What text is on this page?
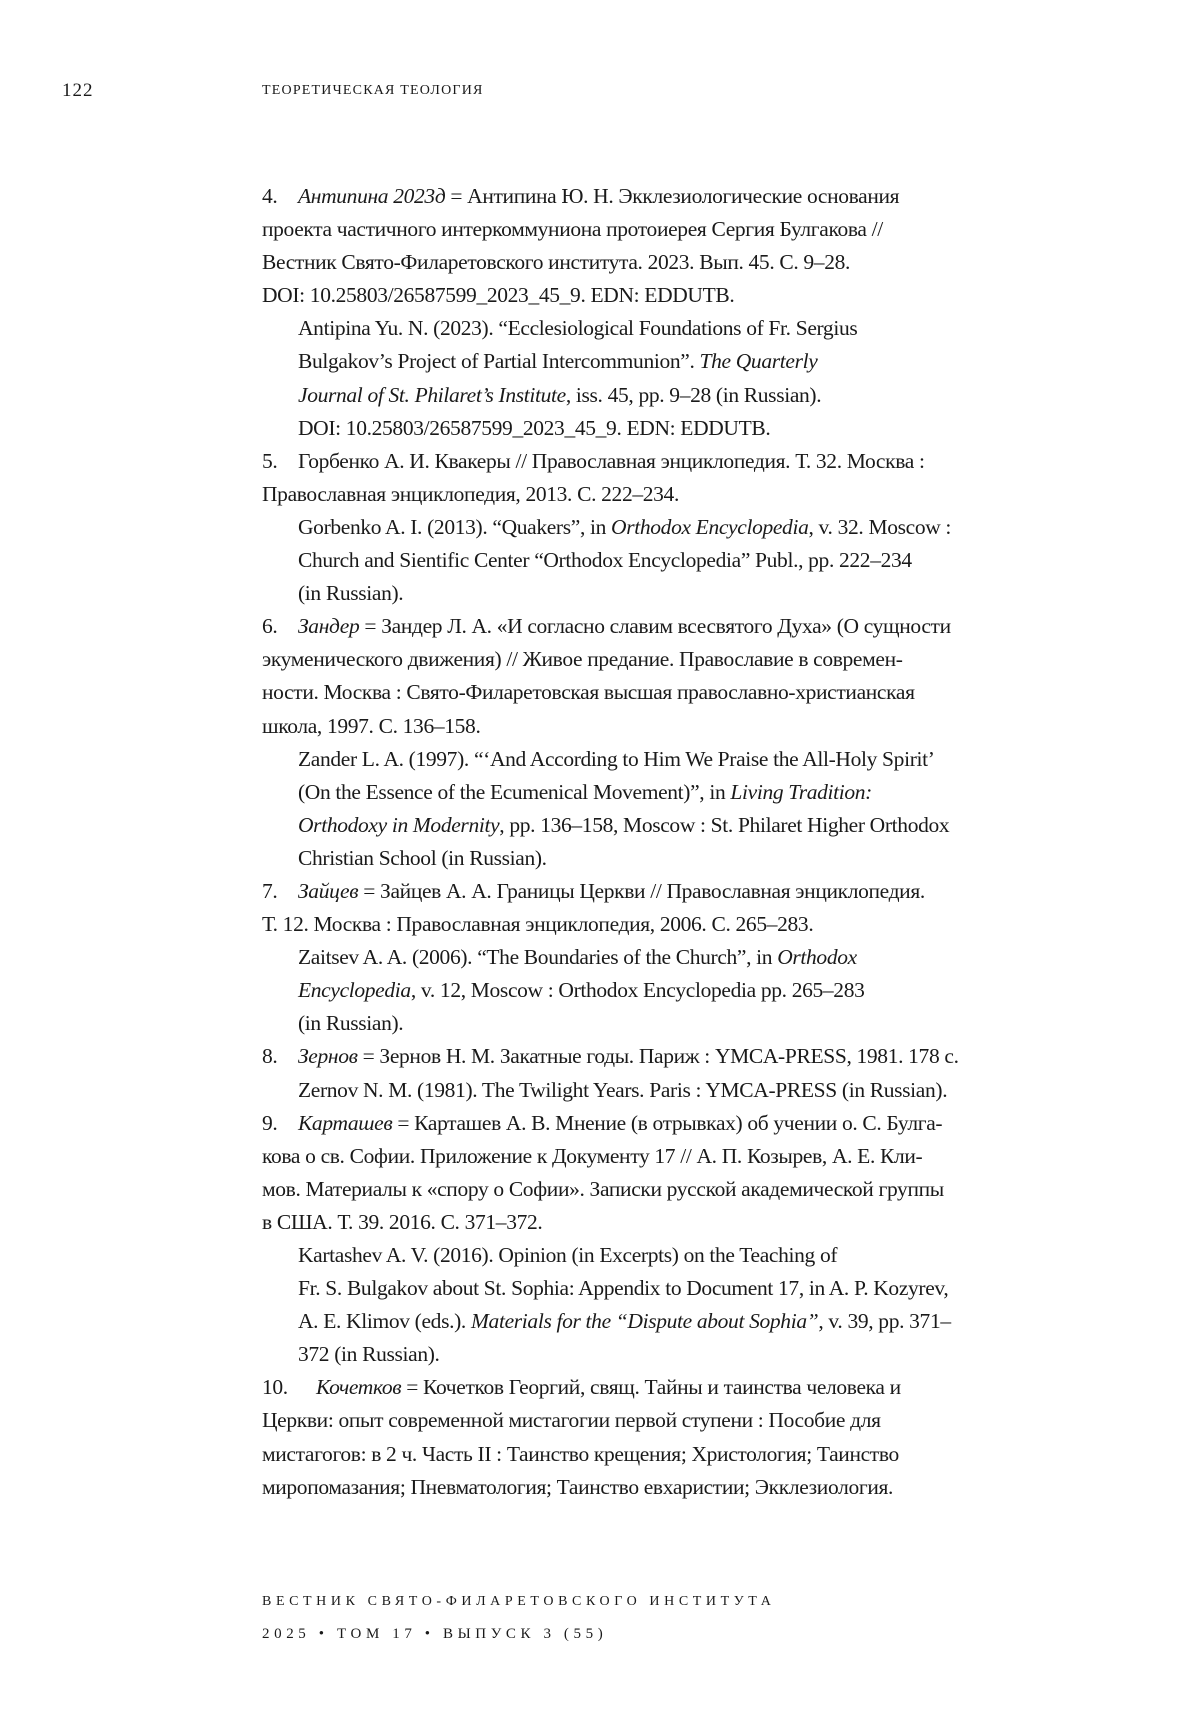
122	ТЕОРЕТИЧЕСКАЯ ТЕОЛОГИЯ
4. Антипина 2023д = Антипина Ю. Н. Экклезиологические основания
проекта частичного интеркоммуниона протоиерея Сергия Булгакова //
Вестник Свято-Филаретовского института. 2023. Вып. 45. С. 9–28.
DOI: 10.25803/26587599_2023_45_9. EDN: EDDUTB.
Antipina Yu. N. (2023). “Ecclesiological Foundations of Fr. Sergius
Bulgakov’s Project of Partial Intercommunion”. The Quarterly
Journal of St. Philaret’s Institute, iss. 45, pp. 9–28 (in Russian).
DOI: 10.25803/26587599_2023_45_9. EDN: EDDUTB.
5. Горбенко А. И. Квакеры // Православная энциклопедия. Т. 32. Москва :
Православная энциклопедия, 2013. С. 222–234.
Gorbenko A. I. (2013). “Quakers”, in Orthodox Encyclopedia, v. 32. Moscow :
Church and Sientific Center “Orthodox Encyclopedia” Publ., pp. 222–234
(in Russian).
6. Зандер = Зандер Л. А. «И согласно славим всесвятого Духа» (О сущности
экуменического движения) // Живое предание. Православие в современ-
ности. Москва : Свято-Филаретовская высшая православно-христианская
школа, 1997. С. 136–158.
Zander L. A. (1997). “‘And According to Him We Praise the All-Holy Spirit’
(On the Essence of the Ecumenical Movement)”, in Living Tradition:
Orthodoxy in Modernity, pp. 136–158, Moscow : St. Philaret Higher Orthodox
Christian School (in Russian).
7. Зайцев = Зайцев А. А. Границы Церкви // Православная энциклопедия.
Т. 12. Москва : Православная энциклопедия, 2006. С. 265–283.
Zaitsev A. A. (2006). “The Boundaries of the Church”, in Orthodox
Encyclopedia, v. 12, Moscow : Orthodox Encyclopedia pp. 265–283
(in Russian).
8. Зернов = Зернов Н. М. Закатные годы. Париж : YMCA-PRESS, 1981. 178 с.
Zernov N. M. (1981). The Twilight Years. Paris : YMCA-PRESS (in Russian).
9. Карташев = Карташев А. В. Мнение (в отрывках) об учении о. С. Булга-
кова о св. Софии. Приложение к Документу 17 // А. П. Козырев, А. Е. Кли-
мов. Материалы к «спору о Софии». Записки русской академической группы
в США. Т. 39. 2016. С. 371–372.
Kartashev A. V. (2016). Opinion (in Excerpts) on the Teaching of
Fr. S. Bulgakov about St. Sophia: Appendix to Document 17, in A. P. Kozyrev,
A. E. Klimov (eds.). Materials for the “Dispute about Sophia”, v. 39, pp. 371–
372 (in Russian).
10. Кочетков = Кочетков Георгий, свящ. Тайны и таинства человека и
Церкви: опыт современной мистагогии первой ступени : Пособие для
мистагогов: в 2 ч. Часть II : Таинство крещения; Христология; Таинство
миропомазания; Пневматология; Таинство евхаристии; Экклезиология.
ВЕСТНИК СВЯТО-ФИЛАРЕТОВСКОГО ИНСТИТУТА
2025 • ТОМ 17 • ВЫПУСК 3 (55)
